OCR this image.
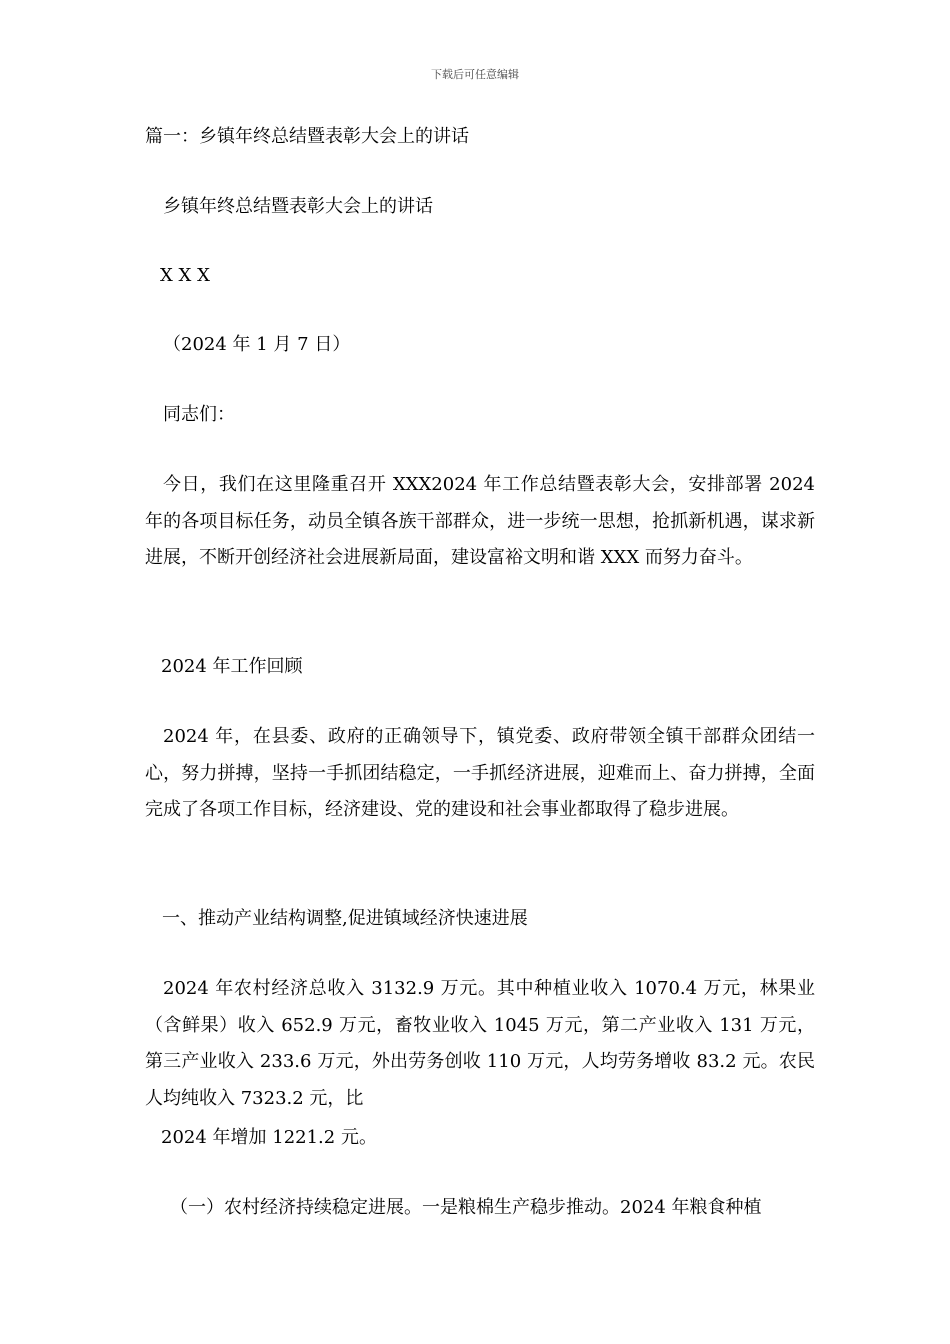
下载后可任意编辑
篇一：乡镇年终总结暨表彰大会上的讲话
乡镇年终总结暨表彰大会上的讲话
X X X
（2024 年 1 月 7 日）
同志们：
今日，我们在这里隆重召开 XXX2024 年工作总结暨表彰大会，安排部署 2024 年的各项目标任务，动员全镇各族干部群众，进一步统一思想，抢抓新机遇，谋求新进展，不断开创经济社会进展新局面，建设富裕文明和谐 XXX 而努力奋斗。
2024 年工作回顾
2024 年，在县委、政府的正确领导下，镇党委、政府带领全镇干部群众团结一心，努力拼搏，坚持一手抓团结稳定，一手抓经济进展，迎难而上、奋力拼搏，全面完成了各项工作目标，经济建设、党的建设和社会事业都取得了稳步进展。
一、推动产业结构调整,促进镇域经济快速进展
2024 年农村经济总收入 3132.9 万元。其中种植业收入 1070.4 万元，林果业（含鲜果）收入 652.9 万元，畜牧业收入 1045 万元，第二产业收入 131 万元，第三产业收入 233.6 万元，外出劳务创收 110 万元，人均劳务增收 83.2 元。农民人均纯收入 7323.2 元，比
2024 年增加 1221.2 元。
（一）农村经济持续稳定进展。一是粮棉生产稳步推动。2024 年粮食种植
